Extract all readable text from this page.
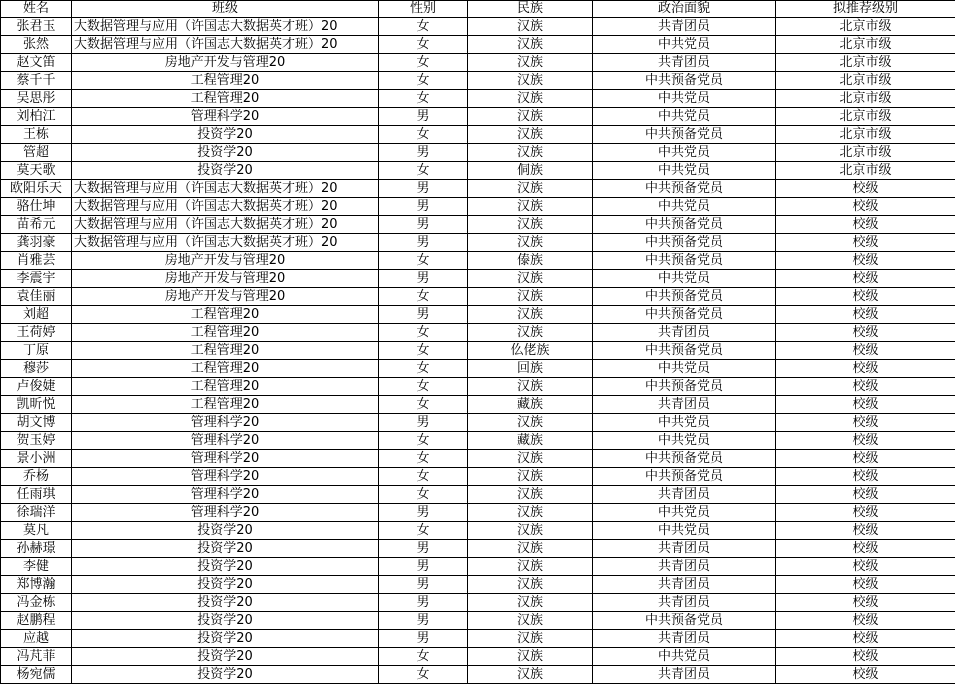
姓名	班级	性别	民族	政治面貌	拟推荐级别
张君玉	大数据管理与应用（许国志大数据英才班）20	女	汉族	共青团员	北京市级
张然	大数据管理与应用（许国志大数据英才班）20	女	汉族	中共党员	北京市级
赵文笛	房地产开发与管理20	女	汉族	共青团员	北京市级
蔡千千	工程管理20	女	汉族	中共预备党员	北京市级
吴思彤	工程管理20	女	汉族	中共党员	北京市级
刘柏江	管理科学20	男	汉族	中共党员	北京市级
王栋	投资学20	女	汉族	中共预备党员	北京市级
管超	投资学20	男	汉族	中共党员	北京市级
莫天歌	投资学20	女	侗族	中共党员	北京市级
欧阳乐天	大数据管理与应用（许国志大数据英才班）20	男	汉族	中共预备党员	校级
骆仕坤	大数据管理与应用（许国志大数据英才班）20	男	汉族	中共党员	校级
苗希元	大数据管理与应用（许国志大数据英才班）20	男	汉族	中共预备党员	校级
龚羽豪	大数据管理与应用（许国志大数据英才班）20	男	汉族	中共预备党员	校级
肖雅芸	房地产开发与管理20	女	傣族	中共预备党员	校级
李震宇	房地产开发与管理20	男	汉族	中共党员	校级
袁佳丽	房地产开发与管理20	女	汉族	中共预备党员	校级
刘超	工程管理20	男	汉族	中共预备党员	校级
王荷婷	工程管理20	女	汉族	共青团员	校级
丁原	工程管理20	女	仫佬族	中共预备党员	校级
穆莎	工程管理20	女	回族	中共党员	校级
卢俊婕	工程管理20	女	汉族	中共预备党员	校级
凯昕悦	工程管理20	女	藏族	共青团员	校级
胡文博	管理科学20	男	汉族	中共党员	校级
贺玉婷	管理科学20	女	藏族	中共党员	校级
景小洲	管理科学20	女	汉族	中共预备党员	校级
乔杨	管理科学20	女	汉族	中共预备党员	校级
任雨琪	管理科学20	女	汉族	共青团员	校级
徐瑞洋	管理科学20	男	汉族	中共党员	校级
莫凡	投资学20	女	汉族	中共党员	校级
孙赫璟	投资学20	男	汉族	共青团员	校级
李健	投资学20	男	汉族	共青团员	校级
郑博瀚	投资学20	男	汉族	共青团员	校级
冯金栋	投资学20	男	汉族	共青团员	校级
赵鹏程	投资学20	男	汉族	中共预备党员	校级
应越	投资学20	男	汉族	共青团员	校级
冯芃菲	投资学20	女	汉族	中共党员	校级
杨宛儒	投资学20	女	汉族	共青团员	校级
